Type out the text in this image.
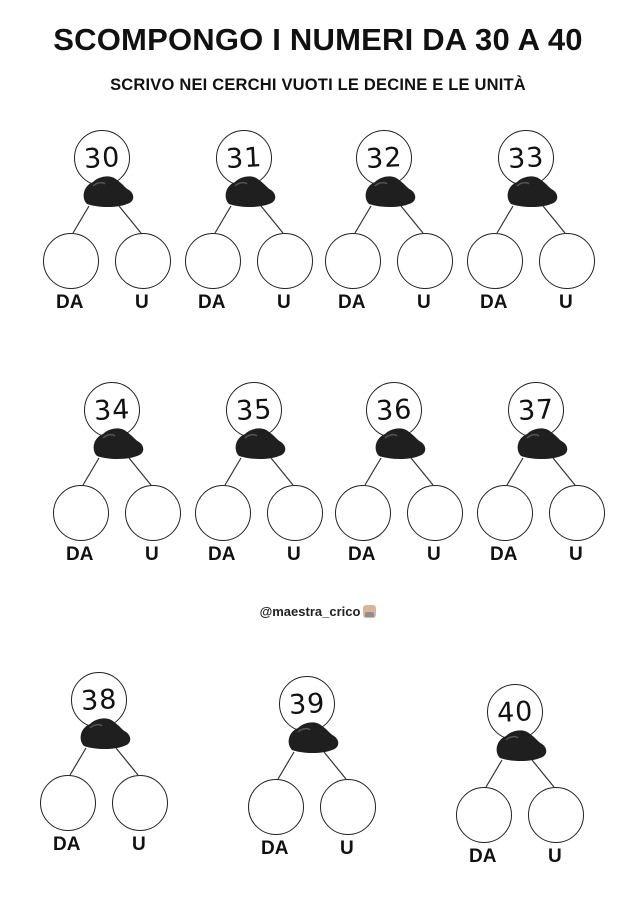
SCOMPONGO I NUMERI DA 30 A 40
SCRIVO NEI CERCHI VUOTI LE DECINE E LE UNITÀ
@maestra_crico
30
DA	U
31
DA	U
32
DA	U
33
DA	U
34
DA	U
35
DA	U
36
DA	U
37
DA	U
38
DA	U
39
DA	U
40
DA	U
